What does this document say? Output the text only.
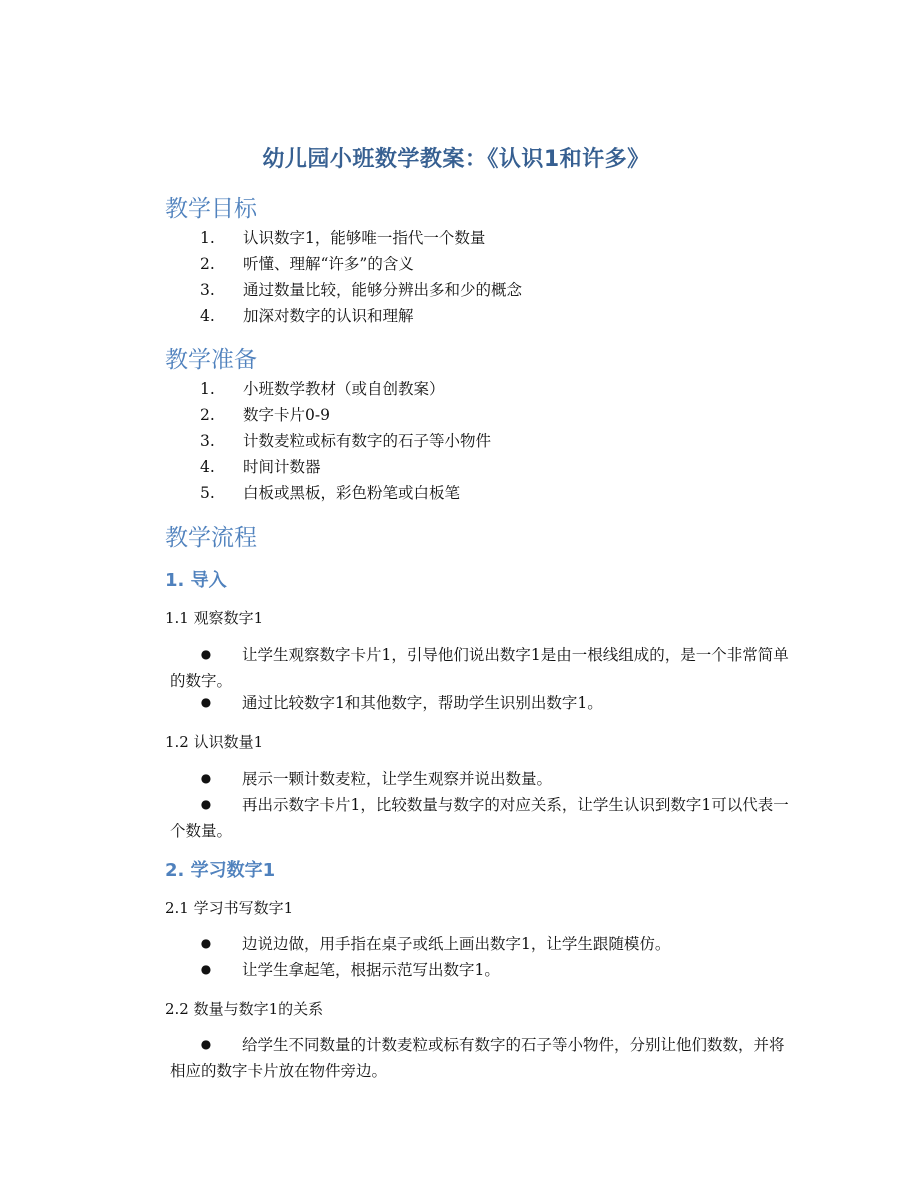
幼儿园小班数学教案：《认识1和许多》
教学目标
1. 认识数字1，能够唯一指代一个数量
2. 听懂、理解“许多”的含义
3. 通过数量比较，能够分辨出多和少的概念
4. 加深对数字的认识和理解
教学准备
1. 小班数学教材（或自创教案）
2. 数字卡片0-9
3. 计数麦粒或标有数字的石子等小物件
4. 时间计数器
5. 白板或黑板，彩色粉笔或白板笔
教学流程
1. 导入
1.1 观察数字1
● 让学生观察数字卡片1，引导他们说出数字1是由一根线组成的，是一个非常简单的数字。
● 通过比较数字1和其他数字，帮助学生识别出数字1。
1.2 认识数量1
● 展示一颗计数麦粒，让学生观察并说出数量。
● 再出示数字卡片1，比较数量与数字的对应关系，让学生认识到数字1可以代表一个数量。
2. 学习数字1
2.1 学习书写数字1
● 边说边做，用手指在桌子或纸上画出数字1，让学生跟随模仿。
● 让学生拿起笔，根据示范写出数字1。
2.2 数量与数字1的关系
● 给学生不同数量的计数麦粒或标有数字的石子等小物件，分别让他们数数，并将相应的数字卡片放在物件旁边。
